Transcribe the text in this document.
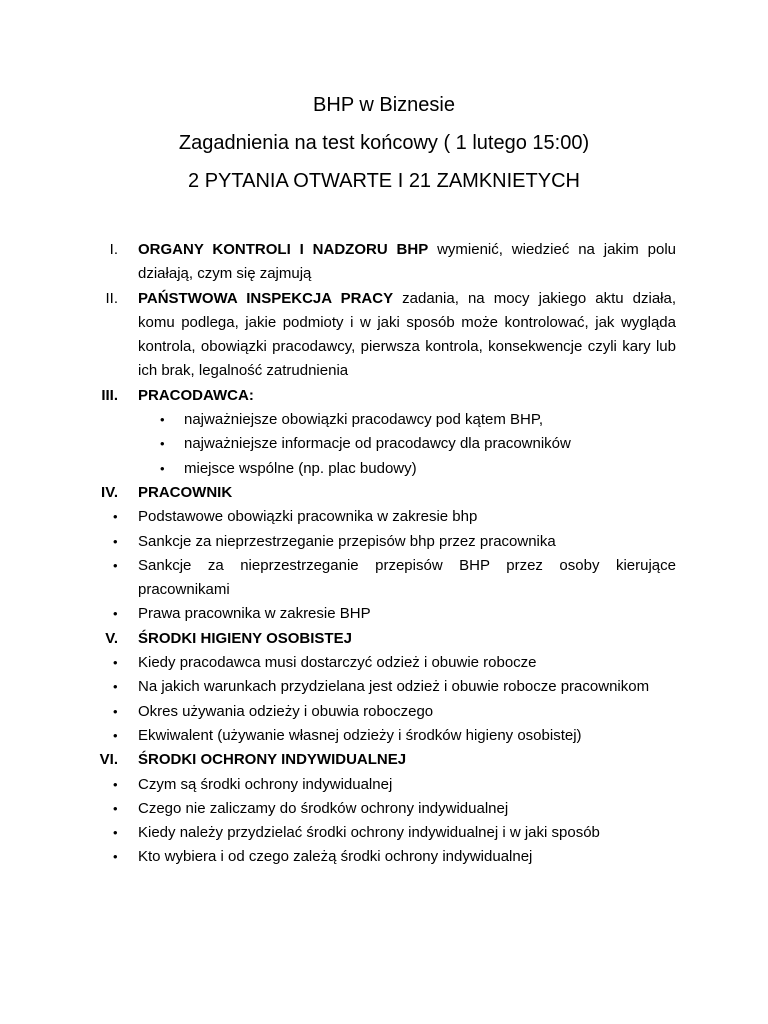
BHP w Biznesie
Zagadnienia na test końcowy ( 1 lutego 15:00)
2 PYTANIA OTWARTE I 21 ZAMKNIETYCH
I. ORGANY KONTROLI I NADZORU BHP wymienić, wiedzieć na jakim polu działają, czym się zajmują
II. PAŃSTWOWA INSPEKCJA PRACY zadania, na mocy jakiego aktu działa, komu podlega, jakie podmioty i w jaki sposób może kontrolować, jak wygląda kontrola, obowiązki pracodawcy, pierwsza kontrola, konsekwencje czyli kary lub ich brak, legalność zatrudnienia
III. PRACODAWCA:
• najważniejsze obowiązki pracodawcy pod kątem BHP,
• najważniejsze informacje od pracodawcy dla pracowników
• miejsce wspólne (np. plac budowy)
IV. PRACOWNIK
• Podstawowe obowiązki pracownika w zakresie bhp
• Sankcje za nieprzestrzeganie przepisów bhp przez pracownika
• Sankcje za nieprzestrzeganie przepisów BHP przez osoby kierujące pracownikami
• Prawa pracownika w zakresie BHP
V. ŚRODKI HIGIENY OSOBISTEJ
• Kiedy pracodawca musi dostarczyć odzież i obuwie robocze
• Na jakich warunkach przydzielana jest odzież i obuwie robocze pracownikom
• Okres używania odzieży i obuwia roboczego
• Ekwiwalent (używanie własnej odzieży i środków higieny osobistej)
VI. ŚRODKI OCHRONY INDYWIDUALNEJ
• Czym są środki ochrony indywidualnej
• Czego nie zaliczamy do środków ochrony indywidualnej
• Kiedy należy przydzielać środki ochrony indywidualnej i w jaki sposób
• Kto wybiera i od czego zależą środki ochrony indywidualnej
